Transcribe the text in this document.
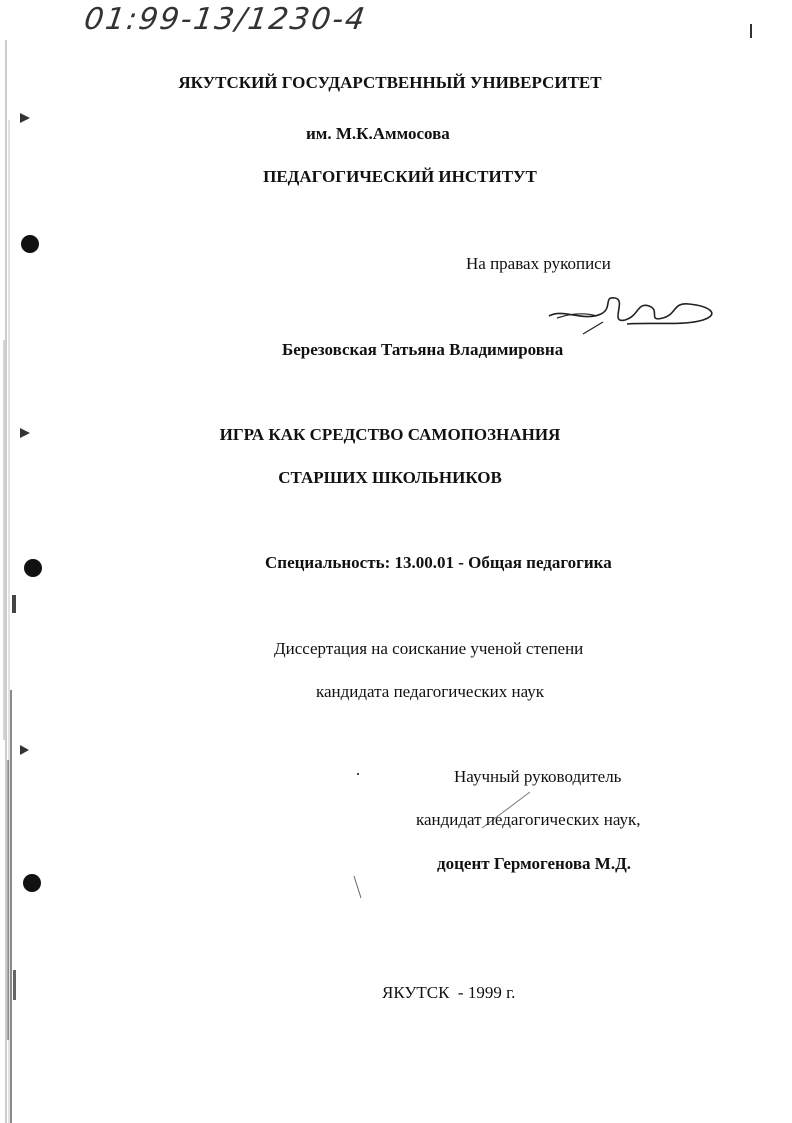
01:99-13/1230-4
ЯКУТСКИЙ ГОСУДАРСТВЕННЫЙ УНИВЕРСИТЕТ
им. М.К.Аммосова
ПЕДАГОГИЧЕСКИЙ ИНСТИТУТ
На правах рукописи
Березовская Татьяна Владимировна
ИГРА КАК СРЕДСТВО САМОПОЗНАНИЯ
СТАРШИХ ШКОЛЬНИКОВ
Специальность: 13.00.01 - Общая педагогика
Диссертация на соискание ученой степени
кандидата педагогических наук
Научный руководитель
кандидат педагогических наук,
доцент Гермогенова М.Д.
ЯКУТСК  - 1999 г.
